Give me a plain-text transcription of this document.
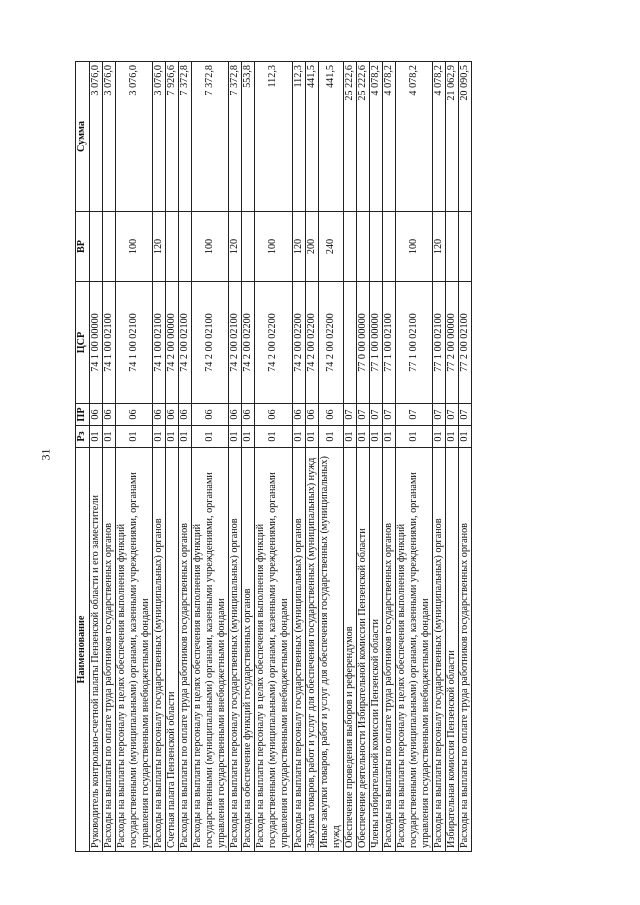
31
Наименование	Рз	ПР	ЦСР	ВР	Сумма
Руководитель контрольно-счетной палаты Пензенской области и его заместители	01	06	74 1 00 00000		3 076,0
Расходы на выплаты по оплате труда работников государственных органов	01	06	74 1 00 02100		3 076,0
Расходы на выплаты персоналу в целях обеспечения выполнения функций государственными (муниципальными) органами, казенными учреждениями, органами управления государственными внебюджетными фондами	01	06	74 1 00 02100	100	3 076,0
Расходы на выплаты персоналу государственных (муниципальных) органов	01	06	74 1 00 02100	120	3 076,0
Счетная палата Пензенской области	01	06	74 2 00 00000		7 926,6
Расходы на выплаты по оплате труда работников государственных органов	01	06	74 2 00 02100		7 372,8
Расходы на выплаты персоналу в целях обеспечения выполнения функций государственными (муниципальными) органами, казенными учреждениями, органами управления государственными внебюджетными фондами	01	06	74 2 00 02100	100	7 372,8
Расходы на выплаты персоналу государственных (муниципальных) органов	01	06	74 2 00 02100	120	7 372,8
Расходы на обеспечение функций государственных органов	01	06	74 2 00 02200		553,8
Расходы на выплаты персоналу в целях обеспечения выполнения функций государственными (муниципальными) органами, казенными учреждениями, органами управления государственными внебюджетными фондами	01	06	74 2 00 02200	100	112,3
Расходы на выплаты персоналу государственных (муниципальных) органов	01	06	74 2 00 02200	120	112,3
Закупка товаров, работ и услуг для обеспечения государственных (муниципальных) нужд	01	06	74 2 00 02200	200	441,5
Иные закупки товаров, работ и услуг для обеспечения государственных (муниципальных) нужд	01	06	74 2 00 02200	240	441,5
Обеспечение проведения выборов и референдумов	01	07			25 222,6
Обеспечение деятельности Избирательной комиссии Пензенской области	01	07	77 0 00 00000		25 222,6
Члены избирательной комиссии Пензенской области	01	07	77 1 00 00000		4 078,2
Расходы на выплаты по оплате труда работников государственных органов	01	07	77 1 00 02100		4 078,2
Расходы на выплаты персоналу в целях обеспечения выполнения функций государственными (муниципальными) органами, казенными учреждениями, органами управления государственными внебюджетными фондами	01	07	77 1 00 02100	100	4 078,2
Расходы на выплаты персоналу государственных (муниципальных) органов	01	07	77 1 00 02100	120	4 078,2
Избирательная комиссия Пензенской области	01	07	77 2 00 00000		21 062,9
Расходы на выплаты по оплате труда работников государственных органов	01	07	77 2 00 02100		20 090,5
